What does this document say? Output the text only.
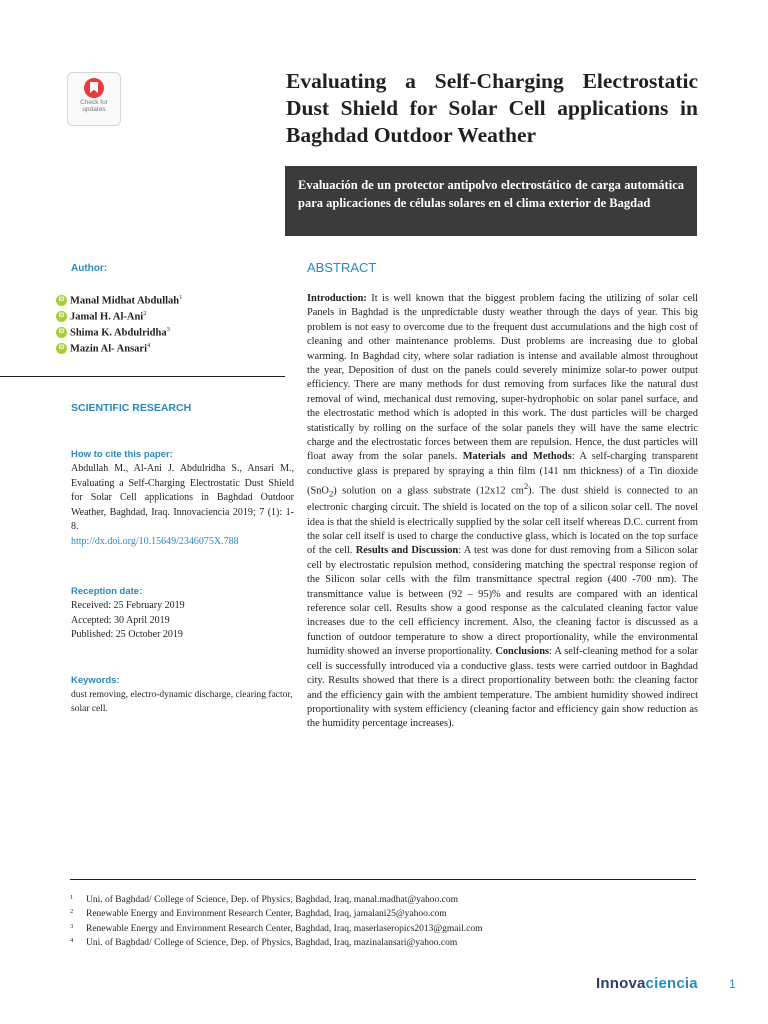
Check for
updates
Evaluating a Self-Charging Electrostatic Dust Shield for Solar Cell applications in Baghdad Outdoor Weather
Evaluación de un protector antipolvo electrostático de carga automática para aplicaciones de células solares en el clima exterior de Bagdad
Author:
iD Manal Midhat Abdullah$^1$
iD Jamal H. Al-Ani$^2$
iD Shima K. Abdulridha$^3$
iD Mazin Al- Ansari$^4$
SCIENTIFIC RESEARCH
How to cite this paper:

Abdullah M., Al-Ani J. Abdulridha S., Ansari M., Evaluating a Self-Charging Electrostatic Dust Shield for Solar Cell applications in Baghdad Outdoor Weather, Baghdad, Iraq. Innovaciencia 2019; 7 (1): 1-8.
http://dx.doi.org/10.15649/2346075X.788

Reception date:
Received: 25 February 2019
Accepted: 30 April 2019
Published: 25 October 2019
Keywords:

dust removing, electro-dynamic discharge, clearing factor, solar cell.

ABSTRACT

Introduction: It is well known that the biggest problem facing the utilizing of solar cell Panels in Baghdad is the unpredictable dusty weather through the days of year. This big problem is not easy to overcome due to the frequent dust accumulations and the high cost of cleaning and other maintenance problems. Dust problems are increasing due to global warming. In Baghdad city, where solar radiation is intense and available almost throughout the year, Deposition of dust on the panels could severely minimize solar-to power output efficiency. There are many methods for dust removing from surfaces like the natural dust removal of wind, mechanical dust removing, super-hydrophobic on solar panel surface, and the electrostatic method which is adopted in this work. The dust particles will be charged statistically by rolling on the surface of the solar panels they will have the same electric charge and the electrostatic forces between them are repulsion. Hence, the dust particles will float away from the solar panels. Materials and Methods: A self-charging transparent conductive glass is prepared by spraying a thin film (141 nm thickness) of a Tin dioxide (SnO$_2$) solution on a glass substrate (12x12 $cm^2$). The dust shield is connected to an electronic charging circuit. The shield is located on the top of a silicon solar cell. The novel idea is that the shield is electrically supplied by the solar cell itself whereas D.C. current from the solar cell itself is used to charge the conductive glass, which is located on the top surface of the cell. Results and Discussion: A test was done for dust removing from a Silicon solar cell by electrostatic repulsion method, considering matching the spectral response region of the Silicon solar cells with the film transmittance spectral region (400 -700 nm). The transmittance value is between (92 – 95)% and results are compared with an identical reference solar cell. Results show a good response as the calculated cleaning factor value increases due to the cell efficiency increment. Also, the cleaning factor is discussed as a function of outdoor temperature to show a direct proportionality, while the environmental humidity showed an inverse proportionality. Conclusions: A self-cleaning method for a solar cell is successfully introduced via a conductive glass. tests were carried outdoor in Baghdad city. Results showed that there is a direct proportionality between both: the cleaning factor and the efficiency gain with the ambient temperature. The ambient humidity showed indirect proportionality with system efficiency (cleaning factor and efficiency gain show reduction as the humidity percentage increases).

1	Uni. of Baghdad/ College of Science, Dep. of Physics, Baghdad, Iraq, manal.madhat@yahoo.com
2	Renewable Energy and Environment Research Center, Baghdad, Iraq, jamalani25@yahoo.com
3	Renewable Energy and Environment Research Center, Baghdad, Iraq, maserlaseropics2013@gmail.com
4	Uni. of Baghdad/ College of Science, Dep. of Physics, Baghdad, Iraq, mazinalansari@yahoo.com
Innovaciencia	1
